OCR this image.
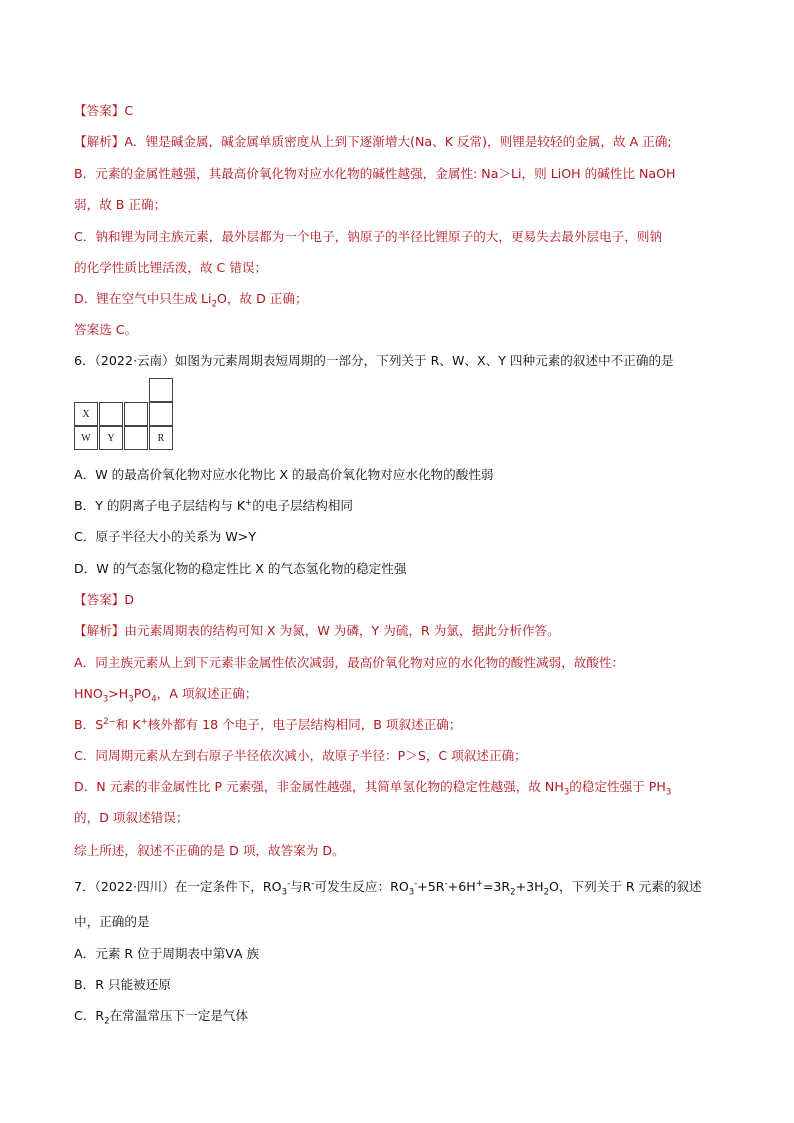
【答案】C
【解析】A．锂是碱金属，碱金属单质密度从上到下逐渐增大(Na、K 反常)，则锂是较轻的金属，故 A 正确;
B．元素的金属性越强，其最高价氧化物对应水化物的碱性越强，金属性: Na＞Li，则 LiOH 的碱性比 NaOH
弱，故 B 正确；
C．钠和锂为同主族元素，最外层都为一个电子，钠原子的半径比锂原子的大，更易失去最外层电子，则钠
的化学性质比锂活泼，故 C 错误；
D．锂在空气中只生成 $Li_2O$，故 D 正确；
答案选 C。
6．（2022·云南）如图为元素周期表短周期的一部分，下列关于 R、W、X、Y 四种元素的叙述中不正确的是
X
W	Y	R
A．W 的最高价氧化物对应水化物比 X 的最高价氧化物对应水化物的酸性弱
B．Y 的阴离子电子层结构与 K+的电子层结构相同
C．原子半径大小的关系为 W>Y
D．W 的气态氢化物的稳定性比 X 的气态氢化物的稳定性强
【答案】D
【解析】由元素周期表的结构可知 X 为氮，W 为磷，Y 为硫，R 为氯，据此分析作答。
A．同主族元素从上到下元素非金属性依次减弱，最高价氧化物对应的水化物的酸性减弱，故酸性：
$HNO_3>H_3PO_4$，A 项叙述正确；
B．$S^{2-}$和 K+核外都有 18 个电子，电子层结构相同，B 项叙述正确；
C．同周期元素从左到右原子半径依次减小，故原子半径：P＞S，C 项叙述正确；
D．N 元素的非金属性比 P 元素强，非金属性越强，其简单氢化物的稳定性越强，故 $NH_3$的稳定性强于 $PH_3$
的，D 项叙述错误；
综上所述，叙述不正确的是 D 项，故答案为 D。
7．（2022·四川）在一定条件下，$RO_3^-$与R-可发生反应：$RO_3^-+5R^-+6H^+=3R_2+3H_2O$，下列关于 R 元素的叙述
中，正确的是
A．元素 R 位于周期表中第ⅤA 族
B．R 只能被还原
C．$R_2$在常温常压下一定是气体
